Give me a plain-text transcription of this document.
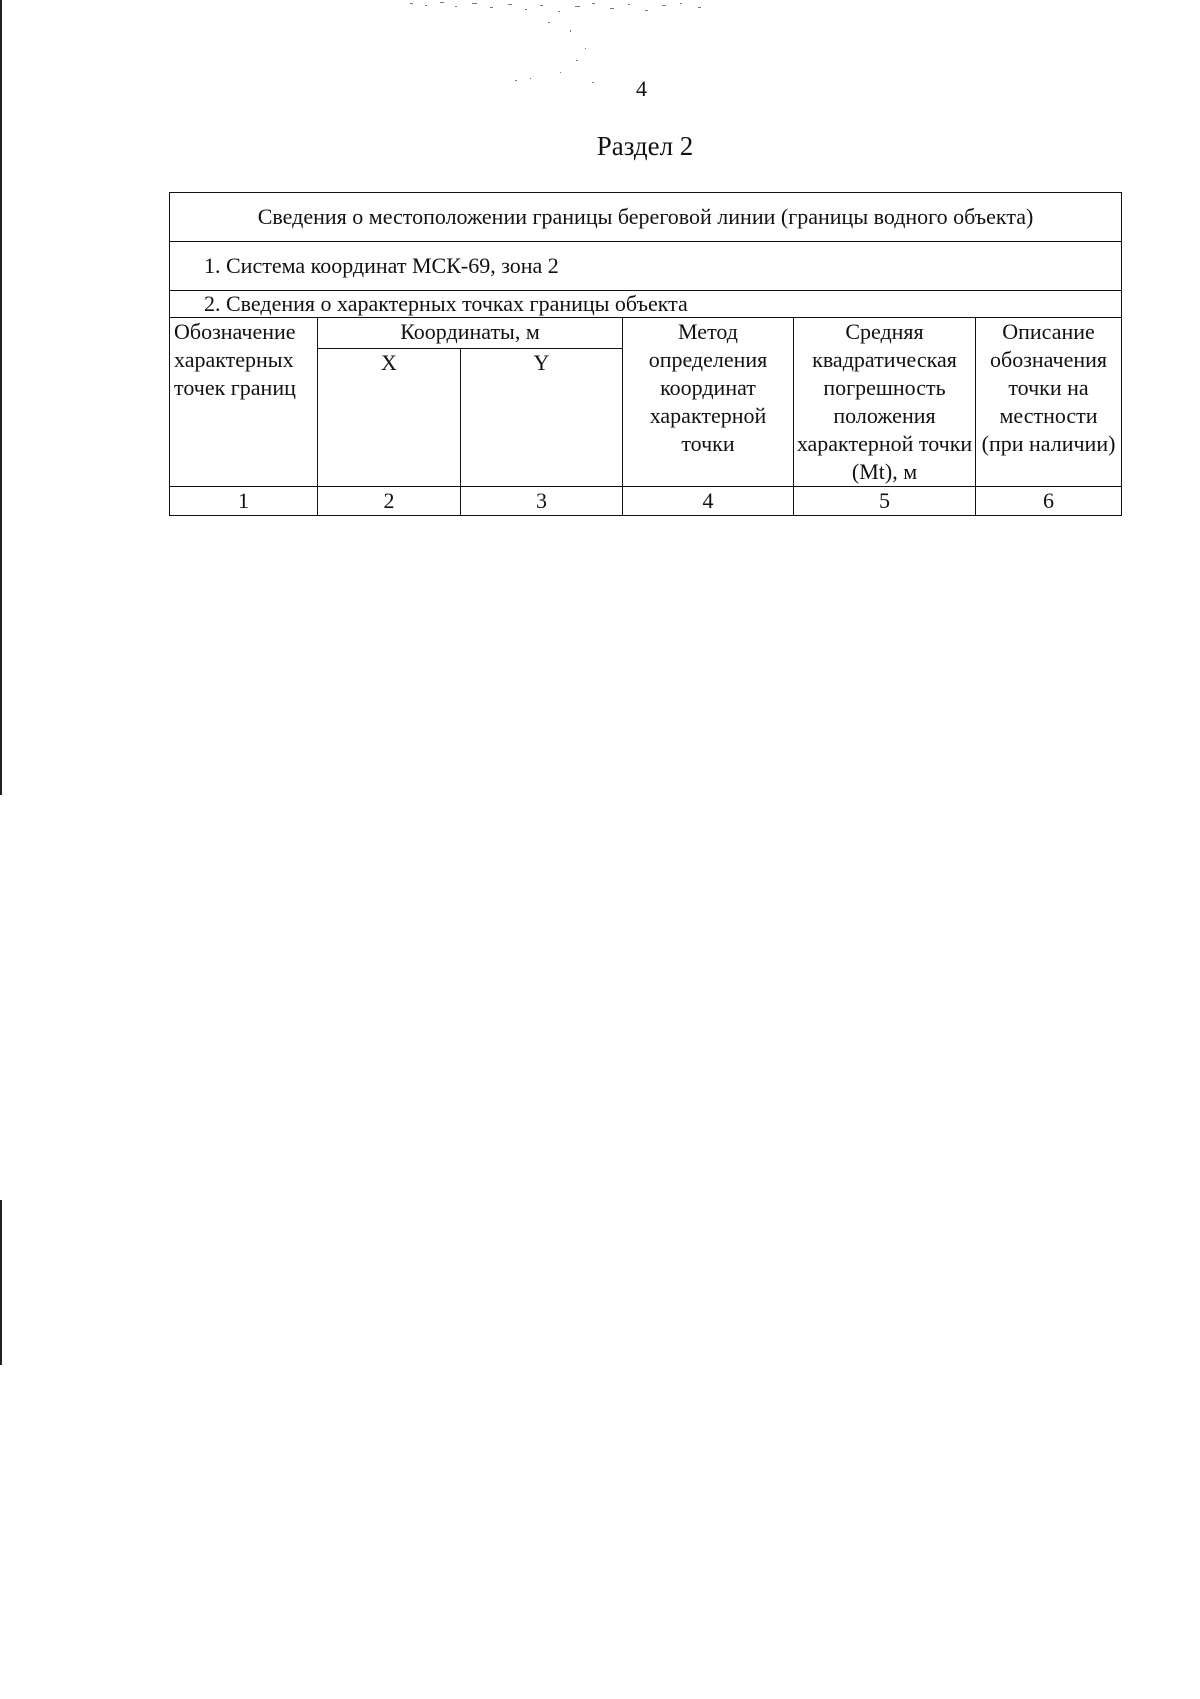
4
Раздел 2
Сведения о местоположении границы береговой линии (границы водного объекта)					
1. Система координат МСК-69, зона 2					
2. Сведения о характерных точках границы объекта					
Обозначение характерных точек границ	Координаты, м		Метод определения координат характерной точки	Средняя квадратическая погрешность положения характерной точки (Mt), м	Описание обозначения точки на местности (при наличии)
	X	Y			
1	2	3	4	5	6
